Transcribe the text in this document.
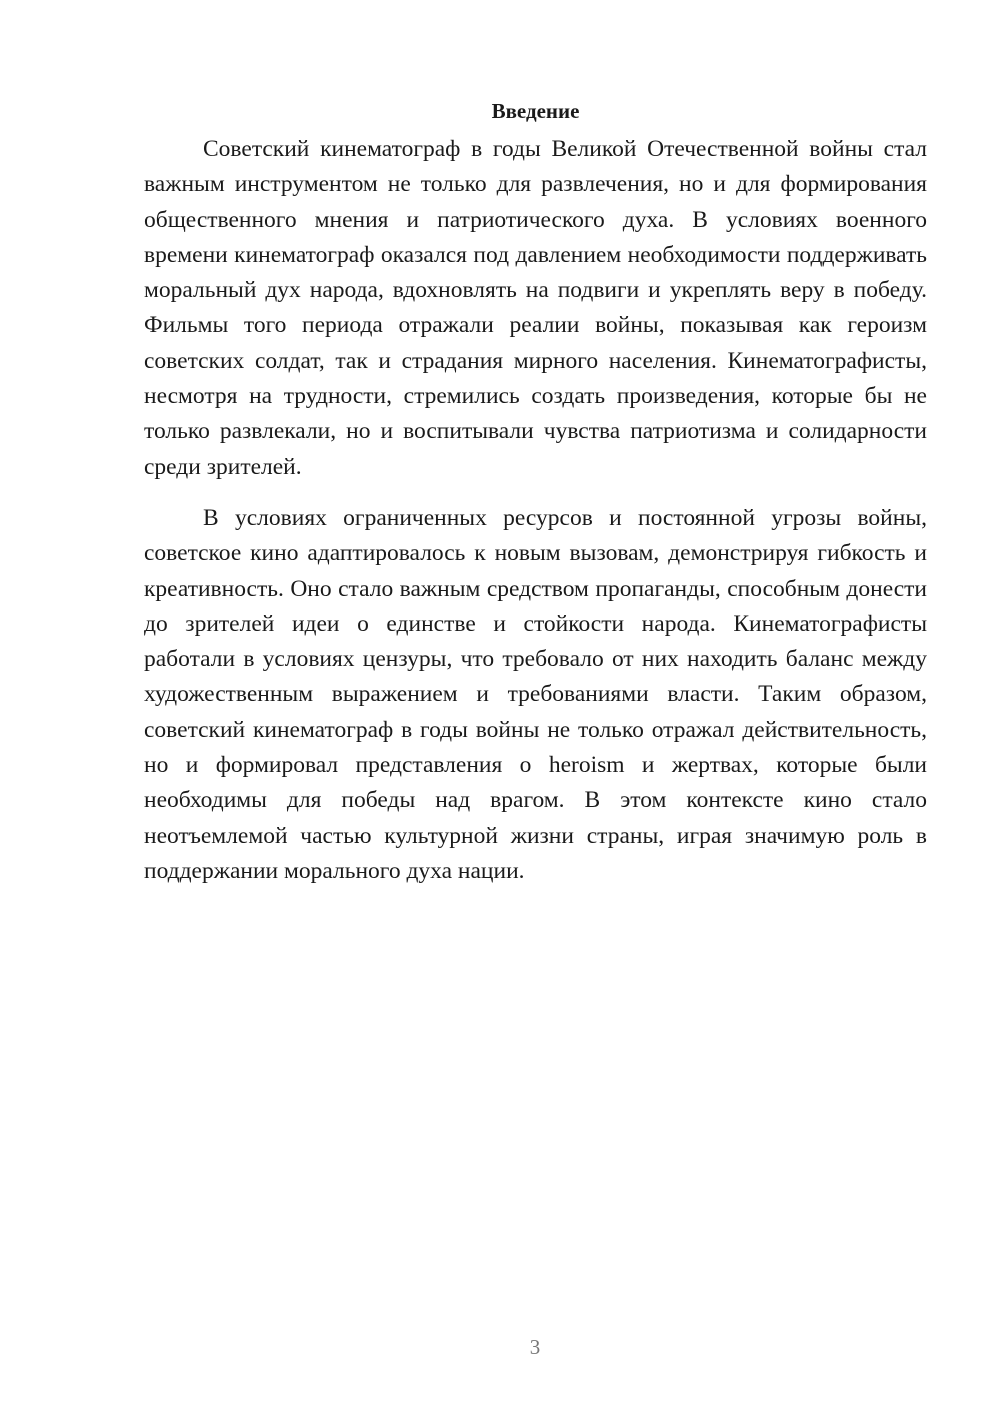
Введение

Советский кинематограф в годы Великой Отечественной войны стал важным инструментом не только для развлечения, но и для формирования общественного мнения и патриотического духа. В условиях военного времени кинематограф оказался под давлением необходимости поддерживать моральный дух народа, вдохновлять на подвиги и укреплять веру в победу. Фильмы того периода отражали реалии войны, показывая как героизм советских солдат, так и страдания мирного населения. Кинематографисты, несмотря на трудности, стремились создать произведения, которые бы не только развлекали, но и воспитывали чувства патриотизма и солидарности среди зрителей.

В условиях ограниченных ресурсов и постоянной угрозы войны, советское кино адаптировалось к новым вызовам, демонстрируя гибкость и креативность. Оно стало важным средством пропаганды, способным донести до зрителей идеи о единстве и стойкости народа. Кинематографисты работали в условиях цензуры, что требовало от них находить баланс между художественным выражением и требованиями власти. Таким образом, советский кинематограф в годы войны не только отражал действительность, но и формировал представления о heroism и жертвах, которые были необходимы для победы над врагом. В этом контексте кино стало неотъемлемой частью культурной жизни страны, играя значимую роль в поддержании морального духа нации.

3
